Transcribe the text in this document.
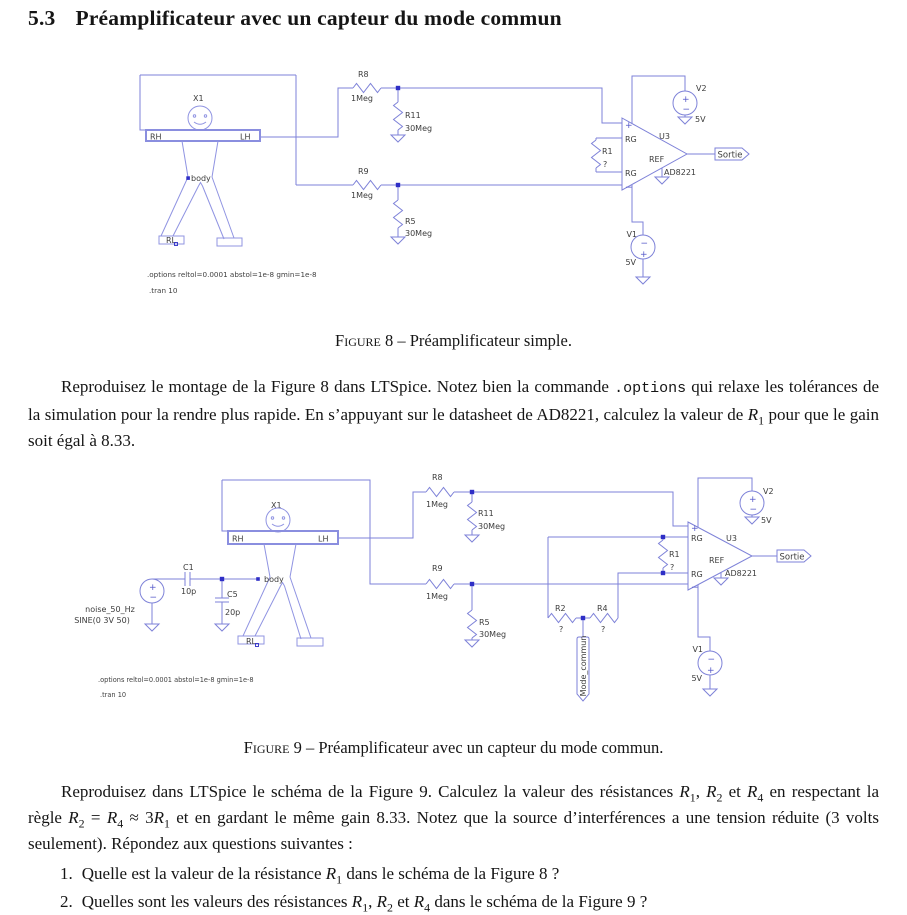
5.3 Préamplificateur avec un capteur du mode commun
X1
RH	LH
RL
body
R8
1Meg
R11
30Meg
R9
1Meg
R5
30Meg
R1
?
+
RG
RG
−
U3
REF
AD8221
+
−
V2
5V
−
+
V1
5V
Sortie
.options reltol=0.0001 abstol=1e-8 gmin=1e-8
.tran 10
Figure 8 – Préamplificateur simple.
Reproduisez le montage de la Figure 8 dans LTSpice. Notez bien la commande .options qui relaxe les tolérances de la simulation pour la rendre plus rapide. En s’appuyant sur le datasheet de AD8221, calculez la valeur de $R_1$ pour que le gain soit égal à 8.33.
+
−
noise_50_Hz
SINE(0 3V 50)
C1
10p	C5
20p
X1
RH	LH
RL
body
R8
1Meg
R11
30Meg
R9
1Meg
R5
30Meg
R2
?
R4
?
R1
?
Mode_commun
+
RG
RG
−
U3
REF
AD8221
+
−
V2
5V
−
+
V1
5V
Sortie
.options reltol=0.0001 abstol=1e-8 gmin=1e-8
.tran 10
Figure 9 – Préamplificateur avec un capteur du mode commun.
Reproduisez dans LTSpice le schéma de la Figure 9. Calculez la valeur des résistances $R_1$, $R_2$ et $R_4$ en respectant la règle $R_2 = R_4 \approx 3R_1$ et en gardant le même gain 8.33. Notez que la source d’interférences a une tension réduite (3 volts seulement). Répondez aux questions suivantes :
1. Quelle est la valeur de la résistance $R_1$ dans le schéma de la Figure 8 ?
2. Quelles sont les valeurs des résistances $R_1$, $R_2$ et $R_4$ dans le schéma de la Figure 9 ?
